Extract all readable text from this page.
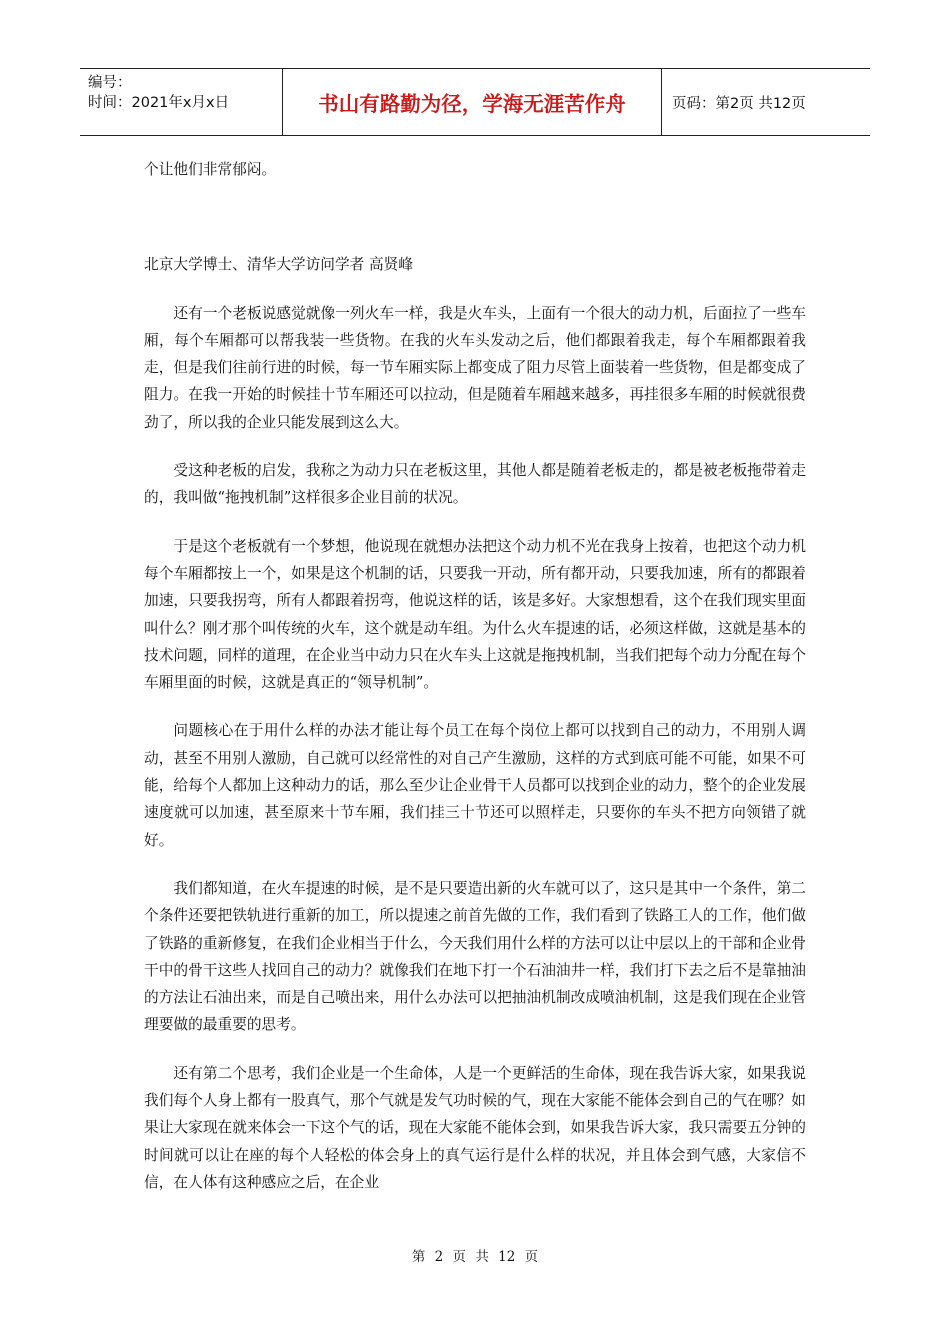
编号：
时间：2021年x月x日	书山有路勤为径，学海无涯苦作舟	页码：第2页 共12页

个让他们非常郁闷。

北京大学博士、清华大学访问学者 高贤峰

还有一个老板说感觉就像一列火车一样，我是火车头，上面有一个很大的动力机，后面拉了一些车厢，每个车厢都可以帮我装一些货物。在我的火车头发动之后，他们都跟着我走，每个车厢都跟着我走，但是我们往前行进的时候，每一节车厢实际上都变成了阻力尽管上面装着一些货物，但是都变成了阻力。在我一开始的时候挂十节车厢还可以拉动，但是随着车厢越来越多，再挂很多车厢的时候就很费劲了，所以我的企业只能发展到这么大。

受这种老板的启发，我称之为动力只在老板这里，其他人都是随着老板走的，都是被老板拖带着走的，我叫做“拖拽机制”这样很多企业目前的状况。

于是这个老板就有一个梦想，他说现在就想办法把这个动力机不光在我身上按着，也把这个动力机每个车厢都按上一个，如果是这个机制的话，只要我一开动，所有都开动，只要我加速，所有的都跟着加速，只要我拐弯，所有人都跟着拐弯，他说这样的话，该是多好。大家想想看，这个在我们现实里面叫什么？刚才那个叫传统的火车，这个就是动车组。为什么火车提速的话，必须这样做，这就是基本的技术问题，同样的道理，在企业当中动力只在火车头上这就是拖拽机制，当我们把每个动力分配在每个车厢里面的时候，这就是真正的“领导机制”。

问题核心在于用什么样的办法才能让每个员工在每个岗位上都可以找到自己的动力，不用别人调动，甚至不用别人激励，自己就可以经常性的对自己产生激励，这样的方式到底可能不可能，如果不可能，给每个人都加上这种动力的话，那么至少让企业骨干人员都可以找到企业的动力，整个的企业发展速度就可以加速，甚至原来十节车厢，我们挂三十节还可以照样走，只要你的车头不把方向领错了就好。

我们都知道，在火车提速的时候，是不是只要造出新的火车就可以了，这只是其中一个条件，第二个条件还要把铁轨进行重新的加工，所以提速之前首先做的工作，我们看到了铁路工人的工作，他们做了铁路的重新修复，在我们企业相当于什么，今天我们用什么样的方法可以让中层以上的干部和企业骨干中的骨干这些人找回自己的动力？就像我们在地下打一个石油油井一样，我们打下去之后不是靠抽油的方法让石油出来，而是自己喷出来，用什么办法可以把抽油机制改成喷油机制，这是我们现在企业管理要做的最重要的思考。

还有第二个思考，我们企业是一个生命体，人是一个更鲜活的生命体，现在我告诉大家，如果我说我们每个人身上都有一股真气，那个气就是发气功时候的气，现在大家能不能体会到自己的气在哪？如果让大家现在就来体会一下这个气的话，现在大家能不能体会到，如果我告诉大家，我只需要五分钟的时间就可以让在座的每个人轻松的体会身上的真气运行是什么样的状况，并且体会到气感，大家信不信，在人体有这种感应之后，在企业

第 2 页 共 12 页
